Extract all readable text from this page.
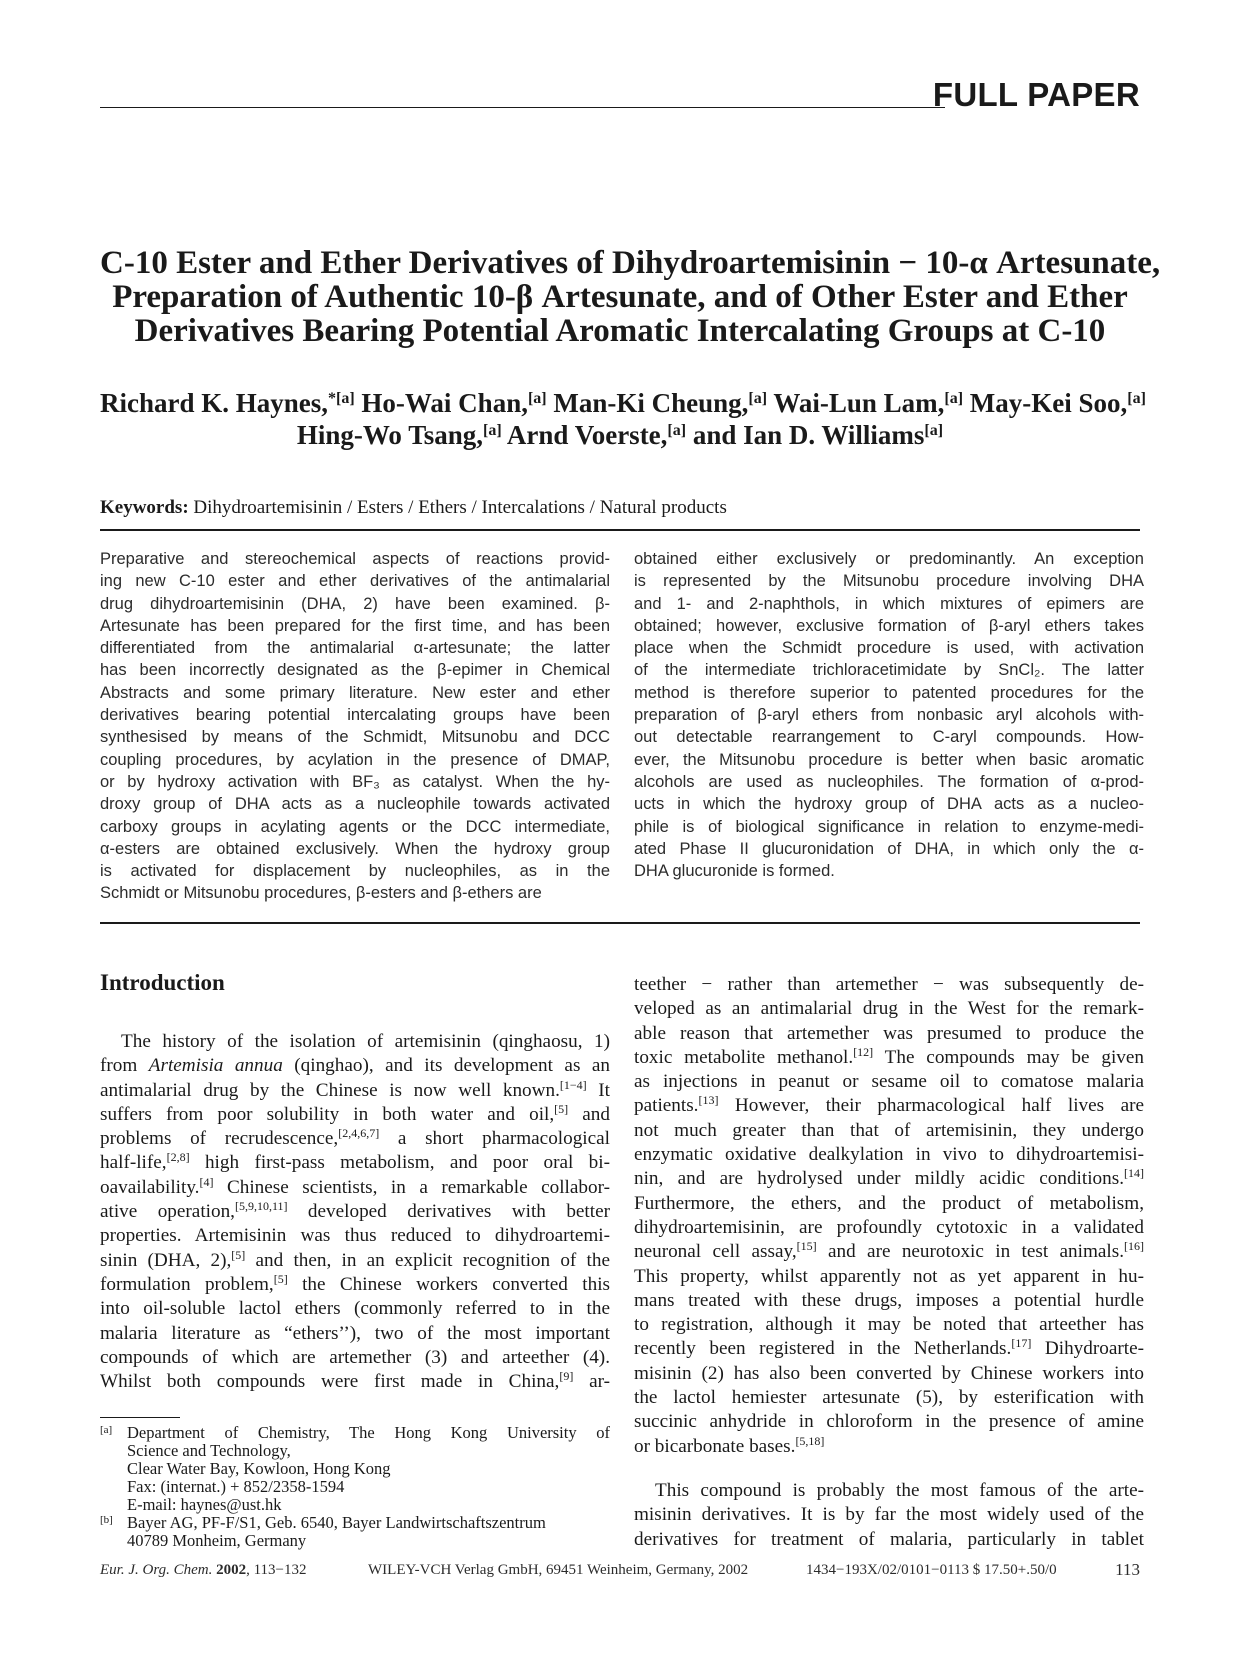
FULL PAPER
C-10 Ester and Ether Derivatives of Dihydroartemisinin − 10-α Artesunate,
Preparation of Authentic 10-β Artesunate, and of Other Ester and Ether
Derivatives Bearing Potential Aromatic Intercalating Groups at C-10
Richard K. Haynes,$^{*[a]}$ Ho-Wai Chan,[a] Man-Ki Cheung,[a] Wai-Lun Lam,[a] May-Kei Soo,[a]
Hing-Wo Tsang,[a] Arnd Voerste,[a] and Ian D. Williams[a]
Keywords: Dihydroartemisinin / Esters / Ethers / Intercalations / Natural products
Preparative and stereochemical aspects of reactions provid-
ing new C-10 ester and ether derivatives of the antimalarial
drug dihydroartemisinin (DHA, 2) have been examined. β-
Artesunate has been prepared for the first time, and has been
differentiated from the antimalarial α-artesunate; the latter
has been incorrectly designated as the β-epimer in Chemical
Abstracts and some primary literature. New ester and ether
derivatives bearing potential intercalating groups have been
synthesised by means of the Schmidt, Mitsunobu and DCC
coupling procedures, by acylation in the presence of DMAP,
or by hydroxy activation with BF₃ as catalyst. When the hy-
droxy group of DHA acts as a nucleophile towards activated
carboxy groups in acylating agents or the DCC intermediate,
α-esters are obtained exclusively. When the hydroxy group
is activated for displacement by nucleophiles, as in the
Schmidt or Mitsunobu procedures, β-esters and β-ethers are
obtained either exclusively or predominantly. An exception
is represented by the Mitsunobu procedure involving DHA
and 1- and 2-naphthols, in which mixtures of epimers are
obtained; however, exclusive formation of β-aryl ethers takes
place when the Schmidt procedure is used, with activation
of the intermediate trichloracetimidate by SnCl₂. The latter
method is therefore superior to patented procedures for the
preparation of β-aryl ethers from nonbasic aryl alcohols with-
out detectable rearrangement to C-aryl compounds. How-
ever, the Mitsunobu procedure is better when basic aromatic
alcohols are used as nucleophiles. The formation of α-prod-
ucts in which the hydroxy group of DHA acts as a nucleo-
phile is of biological significance in relation to enzyme-medi-
ated Phase II glucuronidation of DHA, in which only the α-
DHA glucuronide is formed.
Introduction
The history of the isolation of artemisinin (qinghaosu, 1)
from Artemisia annua (qinghao), and its development as an
antimalarial drug by the Chinese is now well known.[1−4] It
suffers from poor solubility in both water and oil,[5] and
problems of recrudescence,[2,4,6,7] a short pharmacological
half-life,[2,8] high first-pass metabolism, and poor oral bi-
oavailability.[4] Chinese scientists, in a remarkable collabor-
ative operation,[5,9,10,11] developed derivatives with better
properties. Artemisinin was thus reduced to dihydroartemi-
sinin (DHA, 2),[5] and then, in an explicit recognition of the
formulation problem,[5] the Chinese workers converted this
into oil-soluble lactol ethers (commonly referred to in the
malaria literature as “ethers’’), two of the most important
compounds of which are artemether (3) and arteether (4).
Whilst both compounds were first made in China,[9] ar-
teether − rather than artemether − was subsequently de-
veloped as an antimalarial drug in the West for the remark-
able reason that artemether was presumed to produce the
toxic metabolite methanol.[12] The compounds may be given
as injections in peanut or sesame oil to comatose malaria
patients.[13] However, their pharmacological half lives are
not much greater than that of artemisinin, they undergo
enzymatic oxidative dealkylation in vivo to dihydroartemisi-
nin, and are hydrolysed under mildly acidic conditions.[14]
Furthermore, the ethers, and the product of metabolism,
dihydroartemisinin, are profoundly cytotoxic in a validated
neuronal cell assay,[15] and are neurotoxic in test animals.[16]
This property, whilst apparently not as yet apparent in hu-
mans treated with these drugs, imposes a potential hurdle
to registration, although it may be noted that arteether has
recently been registered in the Netherlands.[17] Dihydroarte-
misinin (2) has also been converted by Chinese workers into
the lactol hemiester artesunate (5), by esterification with
succinic anhydride in chloroform in the presence of amine
or bicarbonate bases.[5,18]
This compound is probably the most famous of the arte-
misinin derivatives. It is by far the most widely used of the
derivatives for treatment of malaria, particularly in tablet
[a] Department of Chemistry, The Hong Kong University of
Science and Technology,
Clear Water Bay, Kowloon, Hong Kong
Fax: (internat.) + 852/2358-1594
E-mail: haynes@ust.hk
[b] Bayer AG, PF-F/S1, Geb. 6540, Bayer Landwirtschaftszentrum
40789 Monheim, Germany
Eur. J. Org. Chem. 2002, 113−132	WILEY-VCH Verlag GmbH, 69451 Weinheim, Germany, 2002	1434−193X/02/0101−0113 $ 17.50+.50/0	113
